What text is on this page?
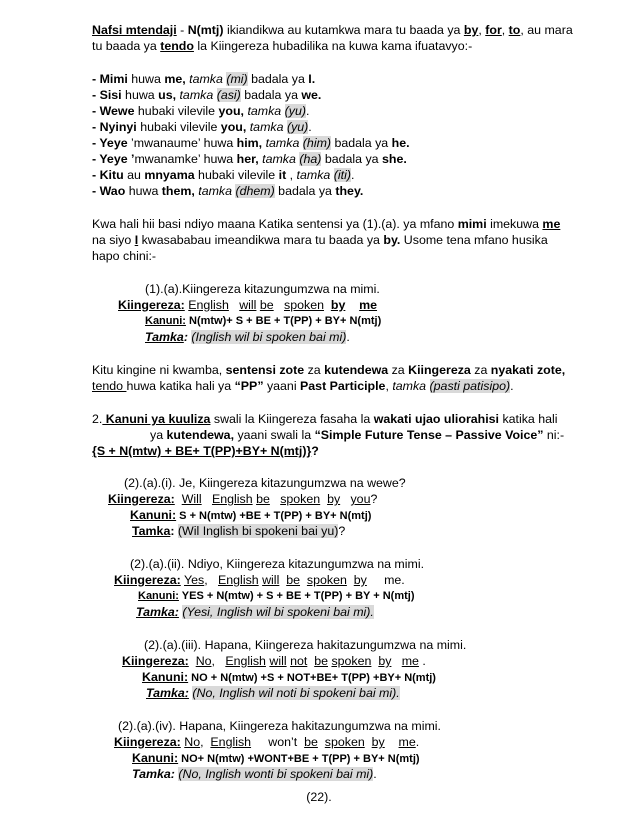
Nafsi mtendaji - N(mtj) ikiandikwa au kutamkwa mara tu baada ya by, for, to, au mara
tu baada ya tendo la Kiingereza hubadilika na kuwa kama ifuatavyo:-
- Mimi huwa me, tamka (mi) badala ya I.
- Sisi huwa us, tamka (asi) badala ya we.
- Wewe hubaki vilevile you, tamka (yu).
- Nyinyi hubaki vilevile you, tamka (yu).
- Yeye ’mwanaume’ huwa him, tamka (him) badala ya he.
- Yeye ’mwanamke’ huwa her, tamka (ha) badala ya she.
- Kitu au mnyama hubaki vilevile it , tamka (iti).
- Wao huwa them, tamka (dhem) badala ya they.
Kwa hali hii basi ndiyo maana Katika sentensi ya (1).(a). ya mfano mimi imekuwa me
na siyo I kwasababau imeandikwa mara tu baada ya by. Usome tena mfano husika
hapo chini:-
(1).(a).Kiingereza kitazungumzwa na mimi.
Kiingereza: English will be spoken by me
Kanuni: N(mtw)+ S + BE + T(PP) + BY+ N(mtj)
Tamka: (Inglish wil bi spoken bai mi).
Kitu kingine ni kwamba, sentensi zote za kutendewa za Kiingereza za nyakati zote,
tendo huwa katika hali ya “PP” yaani Past Participle, tamka (pasti patisipo).
2. Kanuni ya kuuliza swali la Kiingereza fasaha la wakati ujao uliorahisi katika hali
ya kutendewa, yaani swali la “Simple Future Tense – Passive Voice” ni:-
{S + N(mtw) + BE+ T(PP)+BY+ N(mtj)}?
(2).(a).(i). Je, Kiingereza kitazungumzwa na wewe?
Kiingereza: Will English be spoken by you?
Kanuni: S + N(mtw) +BE + T(PP) + BY+ N(mtj)
Tamka: (Wil Inglish bi spokeni bai yu)?
(2).(a).(ii). Ndiyo, Kiingereza kitazungumzwa na mimi.
Kiingereza: Yes,   English will be spoken by me.
Kanuni: YES + N(mtw) + S + BE + T(PP) + BY + N(mtj)
Tamka: (Yesi, Inglish wil bi spokeni bai mi).
(2).(a).(iii). Hapana, Kiingereza hakitazungumzwa na mimi.
Kiingereza: No,   English will not be spoken by me .
Kanuni: NO + N(mtw) +S + NOT+BE+ T(PP) +BY+ N(mtj)
Tamka: (No, Inglish wil noti bi spokeni bai mi).
(2).(a).(iv). Hapana, Kiingereza hakitazungumzwa na mimi.
Kiingereza: No,  English won’t be spoken by me.
Kanuni: NO+ N(mtw) +WONT+BE + T(PP) + BY+ N(mtj)
Tamka: (No, Inglish wonti bi spokeni bai mi).
(22).
